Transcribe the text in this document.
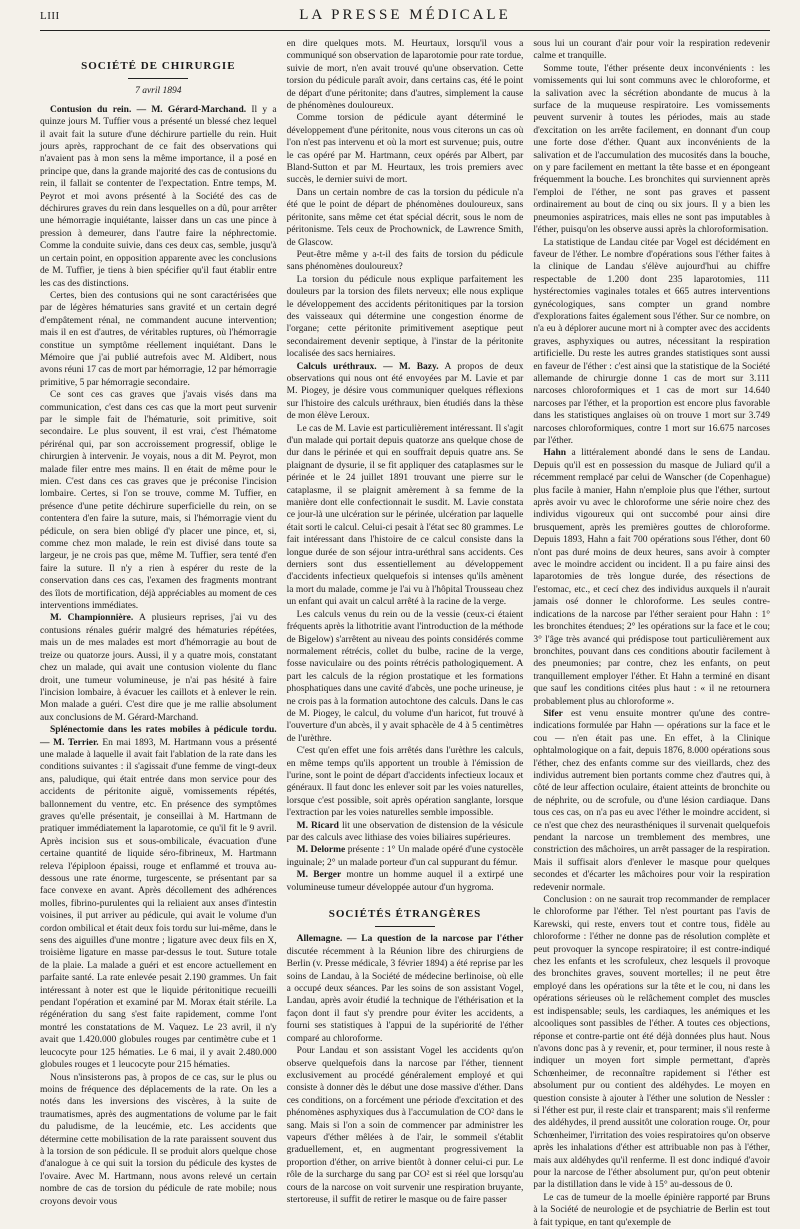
LIII	LA PRESSE MÉDICALE
SOCIÉTÉ DE CHIRURGIE
7 avril 1894

Contusion du rein. — M. Gérard-Marchand. Il y a quinze jours M. Tuffier vous a présenté un blessé chez lequel il avait fait la suture d'une déchirure partielle du rein. Huit jours après, rapprochant de ce fait des observations qui n'avaient pas à mon sens la même importance, il a posé en principe que, dans la grande majorité des cas de contusions du rein, il fallait se contenter de l'expectation. Entre temps, M. Peyrot et moi avons présenté à la Société des cas de déchirures graves du rein dans lesquelles on a dû, pour arrêter une hémorragie inquiétante, laisser dans un cas une pince à pression à demeurer, dans l'autre faire la néphrectomie. Comme la conduite suivie, dans ces deux cas, semble, jusqu'à un certain point, en opposition apparente avec les conclusions de M. Tuffier, je tiens à bien spécifier qu'il faut établir entre les cas des distinctions.

Certes, bien des contusions qui ne sont caractérisées que par de légères hématuries sans gravité et un certain degré d'empâtement rénal, ne commandent aucune intervention; mais il en est d'autres, de véritables ruptures, où l'hémorragie constitue un symptôme réellement inquiétant. Dans le Mémoire que j'ai publié autrefois avec M. Aldibert, nous avons réuni 17 cas de mort par hémorragie, 12 par hémorragie primitive, 5 par hémorragie secondaire.

Ce sont ces cas graves que j'avais visés dans ma communication, c'est dans ces cas que la mort peut survenir par le simple fait de l'hématurie, soit primitive, soit secondaire. Le plus souvent, il est vrai, c'est l'hématome périrénal qui, par son accroissement progressif, oblige le chirurgien à intervenir. Je voyais, nous a dit M. Peyrot, mon malade filer entre mes mains. Il en était de même pour le mien. C'est dans ces cas graves que je préconise l'incision lombaire. Certes, si l'on se trouve, comme M. Tuffier, en présence d'une petite déchirure superficielle du rein, on se contentera d'en faire la suture, mais, si l'hémorragie vient du pédicule, on sera bien obligé d'y placer une pince, et, si, comme chez mon malade, le rein est divisé dans toute sa largeur, je ne crois pas que, même M. Tuffier, sera tenté d'en faire la suture. Il n'y a rien à espérer du reste de la conservation dans ces cas, l'examen des fragments montrant des îlots de mortification, déjà appréciables au moment de ces interventions immédiates.

M. Championnière. A plusieurs reprises, j'ai vu des contusions rénales guérir malgré des hématuries répétées, mais un de mes malades est mort d'hémorragie au bout de treize ou quatorze jours. Aussi, il y a quatre mois, constatant chez un malade, qui avait une contusion violente du flanc droit, une tumeur volumineuse, je n'ai pas hésité à faire l'incision lombaire, à évacuer les caillots et à enlever le rein. Mon malade a guéri. C'est dire que je me rallie absolument aux conclusions de M. Gérard-Marchand.

Splénectomie dans les rates mobiles à pédicule tordu. — M. Terrier. En mai 1893, M. Hartmann vous a présenté une malade à laquelle il avait fait l'ablation de la rate dans les conditions suivantes : il s'agissait d'une femme de vingt-deux ans, paludique, qui était entrée dans mon service pour des accidents de péritonite aiguë, vomissements répétés, ballonnement du ventre, etc. En présence des symptômes graves qu'elle présentait, je conseillai à M. Hartmann de pratiquer immédiatement la laparotomie, ce qu'il fit le 9 avril. Après incision sus et sous-ombilicale, évacuation d'une certaine quantité de liquide séro-fibrineux, M. Hartmann releva l'épiploon épaissi, rouge et enflammé et trouva au-dessous une rate énorme, turgescente, se présentant par sa face convexe en avant. Après décollement des adhérences molles, fibrino-purulentes qui la reliaient aux anses d'intestin voisines, il put arriver au pédicule, qui avait le volume d'un cordon ombilical et était deux fois tordu sur lui-même, dans le sens des aiguilles d'une montre ; ligature avec deux fils en X, troisième ligature en masse par-dessus le tout. Suture totale de la plaie. La malade a guéri et est encore actuellement en parfaite santé. La rate enlevée pesait 2.190 grammes. Un fait intéressant à noter est que le liquide péritonitique recueilli pendant l'opération et examiné par M. Morax était stérile. La régénération du sang s'est faite rapidement, comme l'ont montré les constatations de M. Vaquez. Le 23 avril, il n'y avait que 1.420.000 globules rouges par centimètre cube et 1 leucocyte pour 125 hématies. Le 6 mai, il y avait 2.480.000 globules rouges et 1 leucocyte pour 215 hématies.

Nous n'insisterons pas, à propos de ce cas, sur le plus ou moins de fréquence des déplacements de la rate. On les a notés dans les inversions des viscères, à la suite de traumatismes, après des augmentations de volume par le fait du paludisme, de la leucémie, etc. Les accidents que détermine cette mobilisation de la rate paraissent souvent dus à la torsion de son pédicule. Il se produit alors quelque chose d'analogue à ce qui suit la torsion du pédicule des kystes de l'ovaire. Avec M. Hartmann, nous avons relevé un certain nombre de cas de torsion du pédicule de rate mobile; nous croyons devoir vous

en dire quelques mots. M. Heurtaux, lorsqu'il vous a communiqué son observation de laparotomie pour rate tordue, suivie de mort, n'en avait trouvé qu'une observation. Cette torsion du pédicule paraît avoir, dans certains cas, été le point de départ d'une péritonite; dans d'autres, simplement la cause de phénomènes douloureux.

Comme torsion de pédicule ayant déterminé le développement d'une péritonite, nous vous citerons un cas où l'on n'est pas intervenu et où la mort est survenue; puis, outre le cas opéré par M. Hartmann, ceux opérés par Albert, par Bland-Sutton et par M. Heurtaux, les trois premiers avec succès, le dernier suivi de mort.

Dans un certain nombre de cas la torsion du pédicule n'a été que le point de départ de phénomènes douloureux, sans péritonite, sans même cet état spécial décrit, sous le nom de péritonisme. Tels ceux de Prochownick, de Lawrence Smith, de Glascow.

Peut-être même y a-t-il des faits de torsion du pédicule sans phénomènes douloureux?

La torsion du pédicule nous explique parfaitement les douleurs par la torsion des filets nerveux; elle nous explique le développement des accidents péritonitiques par la torsion des vaisseaux qui détermine une congestion énorme de l'organe; cette péritonite primitivement aseptique peut secondairement devenir septique, à l'instar de la péritonite localisée des sacs herniaires.

Calculs uréthraux. — M. Bazy. A propos de deux observations qui nous ont été envoyées par M. Lavie et par M. Piogey, je désire vous communiquer quelques réflexions sur l'histoire des calculs uréthraux, bien étudiés dans la thèse de mon élève Leroux.

Le cas de M. Lavie est particulièrement intéressant. Il s'agit d'un malade qui portait depuis quatorze ans quelque chose de dur dans le périnée et qui en souffrait depuis quatre ans. Se plaignant de dysurie, il se fit appliquer des cataplasmes sur le périnée et le 24 juillet 1891 trouvant une pierre sur le cataplasme, il se plaignit amèrement à sa femme de la manière dont elle confectionnait le susdit. M. Lavie constata ce jour-là une ulcération sur le périnée, ulcération par laquelle était sorti le calcul. Celui-ci pesait à l'état sec 80 grammes. Le fait intéressant dans l'histoire de ce calcul consiste dans la longue durée de son séjour intra-uréthral sans accidents. Ces derniers sont dus essentiellement au développement d'accidents infectieux quelquefois si intenses qu'ils amènent la mort du malade, comme je l'ai vu à l'hôpital Trousseau chez un enfant qui avait un calcul arrêté à la racine de la verge.

Les calculs venus du rein ou de la vessie (ceux-ci étaient fréquents après la lithotritie avant l'introduction de la méthode de Bigelow) s'arrêtent au niveau des points considérés comme normalement rétrécis, collet du bulbe, racine de la verge, fosse naviculaire ou des points rétrécis pathologiquement. A part les calculs de la région prostatique et les formations phosphatiques dans une cavité d'abcès, une poche urineuse, je ne crois pas à la formation autochtone des calculs. Dans le cas de M. Piogey, le calcul, du volume d'un haricot, fut trouvé à l'ouverture d'un abcès, il y avait sphacèle de 4 à 5 centimètres de l'urèthre.

C'est qu'en effet une fois arrêtés dans l'urèthre les calculs, en même temps qu'ils apportent un trouble à l'émission de l'urine, sont le point de départ d'accidents infectieux locaux et généraux. Il faut donc les enlever soit par les voies naturelles, lorsque c'est possible, soit après opération sanglante, lorsque l'extraction par les voies naturelles semble impossible.

M. Ricard lit une observation de distension de la vésicule par des calculs avec lithiase des voies biliaires supérieures.

M. Delorme présente : 1° Un malade opéré d'une cystocèle inguinale; 2° un malade porteur d'un cal suppurant du fémur.

M. Berger montre un homme auquel il a extirpé une volumineuse tumeur développée autour d'un hygroma.

SOCIÉTÉS ÉTRANGÈRES

Allemagne. — La question de la narcose par l'éther discutée récemment à la Réunion libre des chirurgiens de Berlin (v. Presse médicale, 3 février 1894) a été reprise par les soins de Landau, à la Société de médecine berlinoise, où elle a occupé deux séances. Par les soins de son assistant Vogel, Landau, après avoir étudié la technique de l'éthérisation et la façon dont il faut s'y prendre pour éviter les accidents, a fourni ses statistiques à l'appui de la supériorité de l'éther comparé au chloroforme.

Pour Landau et son assistant Vogel les accidents qu'on observe quelquefois dans la narcose par l'éther, tiennent exclusivement au procédé généralement employé et qui consiste à donner dès le début une dose massive d'éther. Dans ces conditions, on a forcément une période d'excitation et des phénomènes asphyxiques dus à l'accumulation de CO² dans le sang. Mais si l'on a soin de commencer par administrer les vapeurs d'éther mêlées à de l'air, le sommeil s'établit graduellement, et, en augmentant progressivement la proportion d'éther, on arrive bientôt à donner celui-ci pur. Le rôle de la surcharge du sang par CO² est si réel que lorsqu'au cours de la narcose on voit survenir une respiration bruyante, stertoreuse, il suffit de retirer le masque ou de faire passer

sous lui un courant d'air pour voir la respiration redevenir calme et tranquille.

Somme toute, l'éther présente deux inconvénients : les vomissements qui lui sont communs avec le chloroforme, et la salivation avec la sécrétion abondante de mucus à la surface de la muqueuse respiratoire. Les vomissements peuvent survenir à toutes les périodes, mais au stade d'excitation on les arrête facilement, en donnant d'un coup une forte dose d'éther. Quant aux inconvénients de la salivation et de l'accumulation des mucosités dans la bouche, on y pare facilement en mettant la tête basse et en épongeant fréquemment la bouche. Les bronchites qui surviennent après l'emploi de l'éther, ne sont pas graves et passent ordinairement au bout de cinq ou six jours. Il y a bien les pneumonies aspiratrices, mais elles ne sont pas imputables à l'éther, puisqu'on les observe aussi après la chloroformisation.

La statistique de Landau citée par Vogel est décidément en faveur de l'éther. Le nombre d'opérations sous l'éther faites à la clinique de Landau s'élève aujourd'hui au chiffre respectable de 1.200 dont 235 laparotomies, 111 hystérectomies vaginales totales et 665 autres interventions gynécologiques, sans compter un grand nombre d'explorations faites également sous l'éther. Sur ce nombre, on n'a eu à déplorer aucune mort ni à compter avec des accidents graves, asphyxiques ou autres, nécessitant la respiration artificielle. Du reste les autres grandes statistiques sont aussi en faveur de l'éther : c'est ainsi que la statistique de la Société allemande de chirurgie donne 1 cas de mort sur 3.111 narcoses chloroformiques et 1 cas de mort sur 14.640 narcoses par l'éther, et la proportion est encore plus favorable dans les statistiques anglaises où on trouve 1 mort sur 3.749 narcoses chloroformiques, contre 1 mort sur 16.675 narcoses par l'éther.

Hahn a littéralement abondé dans le sens de Landau. Depuis qu'il est en possession du masque de Juliard qu'il a récemment remplacé par celui de Wanscher (de Copenhague) plus facile à manier, Hahn n'emploie plus que l'éther, surtout après avoir vu avec le chloroforme une série noire chez des individus vigoureux qui ont succombé pour ainsi dire brusquement, après les premières gouttes de chloroforme. Depuis 1893, Hahn a fait 700 opérations sous l'éther, dont 60 n'ont pas duré moins de deux heures, sans avoir à compter avec le moindre accident ou incident. Il a pu faire ainsi des laparotomies de très longue durée, des résections de l'estomac, etc., et cecí chez des individus auxquels il n'aurait jamais osé donner le chloroforme. Les seules contre-indications de la narcose par l'éther seraient pour Hahn : 1° les bronchites étendues; 2° les opérations sur la face et le cou; 3° l'âge très avancé qui prédispose tout particulièrement aux bronchites, pouvant dans ces conditions aboutir facilement à des pneumonies; par contre, chez les enfants, on peut tranquillement employer l'éther. Et Hahn a terminé en disant que sauf les conditions citées plus haut : « il ne retournera probablement plus au chloroforme ».

Sifer est venu ensuite montrer qu'une des contre-indications formulée par Hahn — opérations sur la face et le cou — n'en était pas une. En effet, à la Clinique ophtalmologique on a fait, depuis 1876, 8.000 opérations sous l'éther, chez des enfants comme sur des vieillards, chez des individus autrement bien portants comme chez d'autres qui, à côté de leur affection oculaire, étaient atteints de bronchite ou de néphrite, ou de scrofule, ou d'une lésion cardiaque. Dans tous ces cas, on n'a pas eu avec l'éther le moindre accident, si ce n'est que chez des neurasthéniques il survenait quelquefois pendant la narcose un tremblement des membres, une constriction des mâchoires, un arrêt passager de la respiration. Mais il suffisait alors d'enlever le masque pour quelques secondes et d'écarter les mâchoires pour voir la respiration redevenir normale.

Conclusion : on ne saurait trop recommander de remplacer le chloroforme par l'éther. Tel n'est pourtant pas l'avis de Karewski, qui reste, envers tout et contre tous, fidèle au chloroforme : l'éther ne donne pas de résolution complète et peut provoquer la syncope respiratoire; il est contre-indiqué chez les enfants et les scrofuleux, chez lesquels il provoque des bronchites graves, souvent mortelles; il ne peut être employé dans les opérations sur la tête et le cou, ni dans les opérations sérieuses où le relâchement complet des muscles est indispensable; seuls, les cardiaques, les anémiques et les alcooliques sont passibles de l'éther. A toutes ces objections, réponse et contre-partie ont été déjà données plus haut. Nous n'avons donc pas à y revenir, et, pour terminer, il nous reste à indiquer un moyen fort simple permettant, d'après Schœnheimer, de reconnaître rapidement si l'éther est absolument pur ou contient des aldéhydes. Le moyen en question consiste à ajouter à l'éther une solution de Nessler : si l'éther est pur, il reste clair et transparent; mais s'il renferme des aldéhydes, il prend aussitôt une coloration rouge. Or, pour Schœnheimer, l'irritation des voies respiratoires qu'on observe après les inhalations d'éther est attribuable non pas à l'éther, mais aux aldéhydes qu'il renferme. Il est donc indiqué d'avoir pour la narcose de l'éther absolument pur, qu'on peut obtenir par la distillation dans le vide à 15° au-dessous de 0.

Le cas de tumeur de la moelle épinière rapporté par Bruns à la Société de neurologie et de psychiatrie de Berlin est tout à fait typique, en tant qu'exemple de
